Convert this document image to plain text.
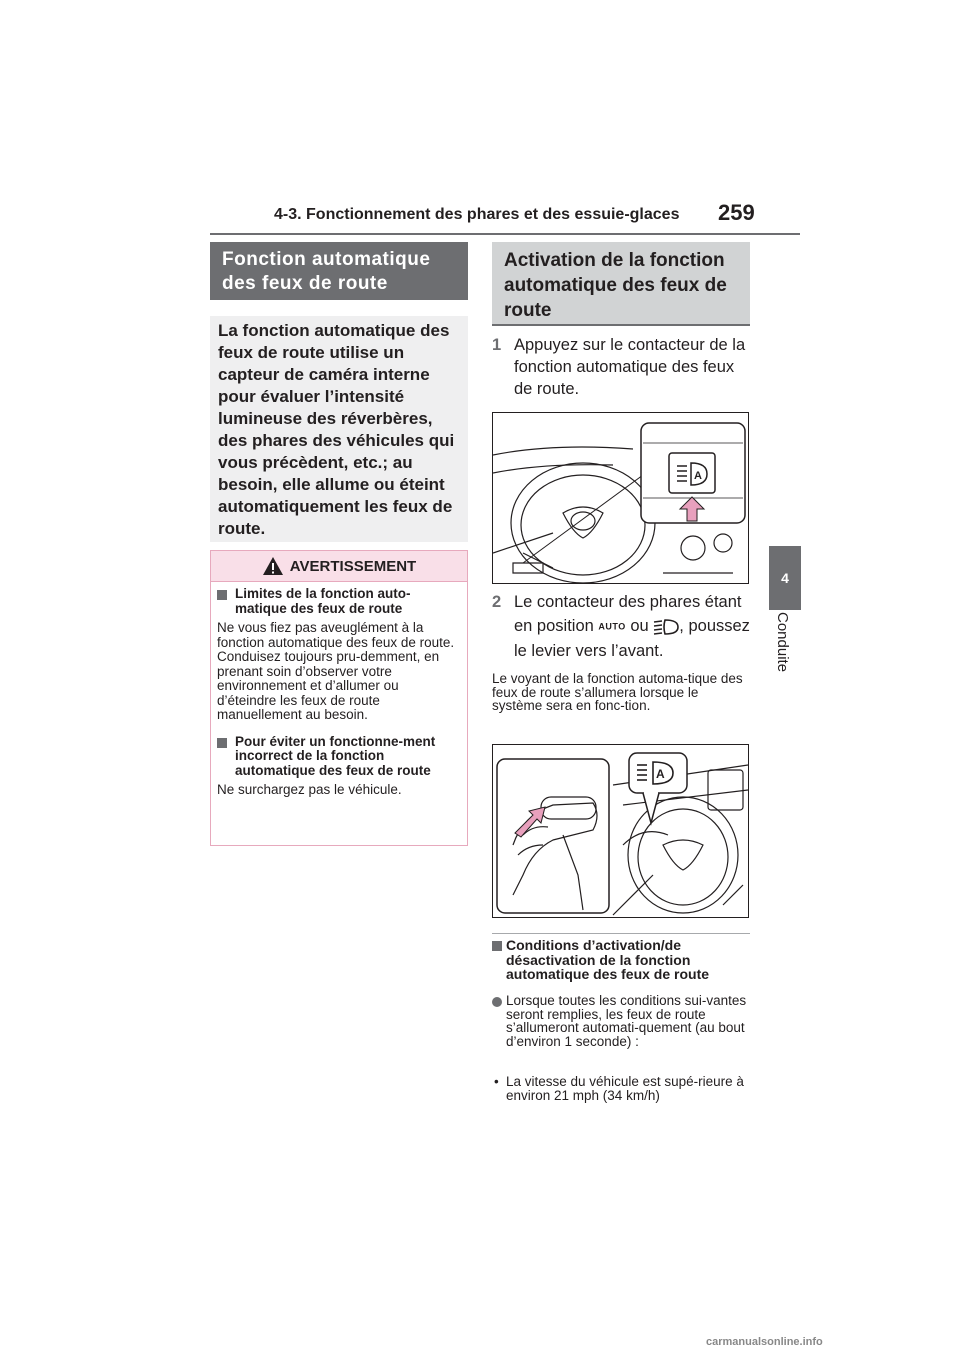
4-3. Fonctionnement des phares et des essuie-glaces 259
4
Conduite
Fonction automatique des feux de route
La fonction automatique des feux de route utilise un capteur de caméra interne pour évaluer l’intensité lumineuse des réverbères, des phares des véhicules qui vous précèdent, etc.; au besoin, elle allume ou éteint automatiquement les feux de route.
AVERTISSEMENT
Limites de la fonction auto-matique des feux de route
Ne vous fiez pas aveuglément à la fonction automatique des feux de route. Conduisez toujours pru-demment, en prenant soin d’observer votre environnement et d’allumer ou d’éteindre les feux de route manuellement au besoin.
Pour éviter un fonctionne-ment incorrect de la fonction automatique des feux de route
Ne surchargez pas le véhicule.
Activation de la fonction automatique des feux de route
1 Appuyez sur le contacteur de la fonction automatique des feux de route.
A
2 Le contacteur des phares étant en position AUTO ou , poussez le levier vers l’avant.
Le voyant de la fonction automa-tique des feux de route s’allumera lorsque le système sera en fonc-tion.
A
Conditions d’activation/de désactivation de la fonction automatique des feux de route
Lorsque toutes les conditions sui-vantes seront remplies, les feux de route s’allumeront automati-quement (au bout d’environ 1 seconde) :
• La vitesse du véhicule est supé-rieure à environ 21 mph (34 km/h)
carmanualsonline.info
